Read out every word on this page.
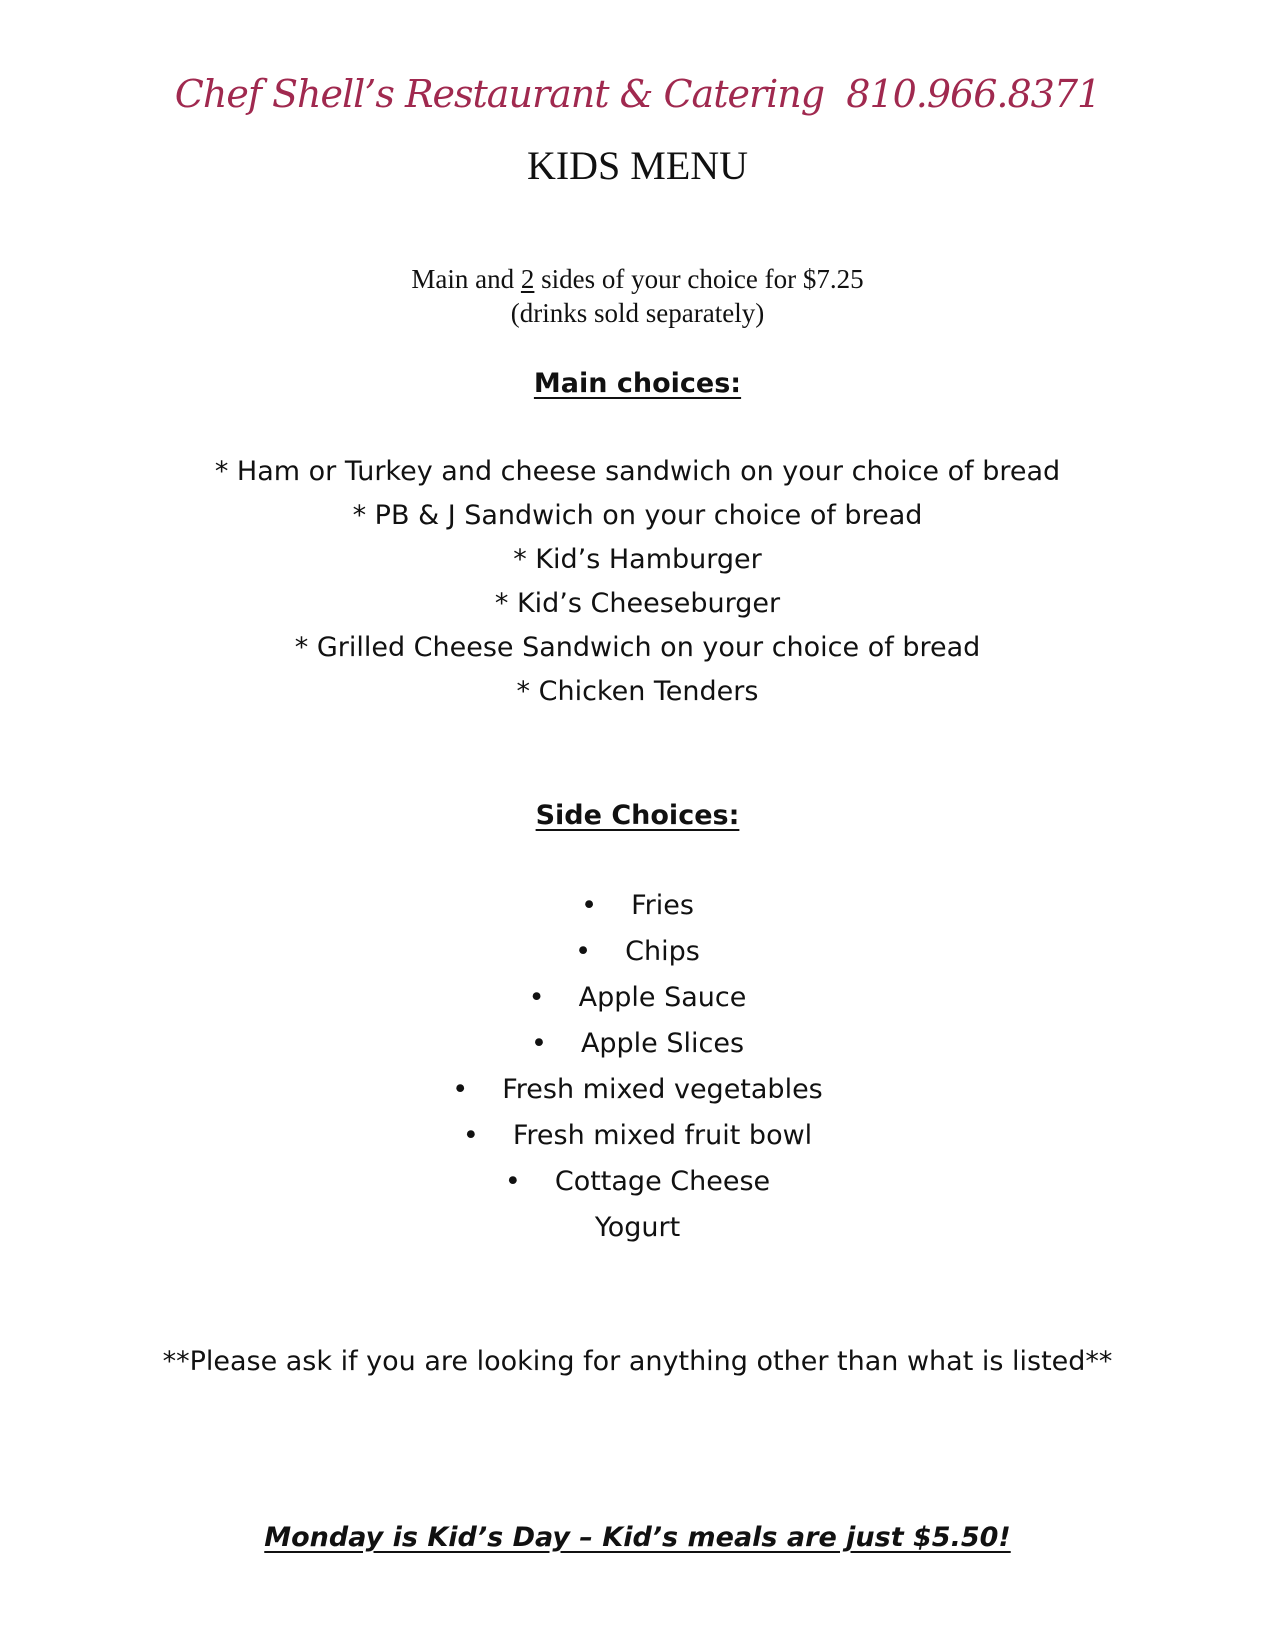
Chef Shell’s Restaurant & Catering 810.966.8371
KIDS MENU
Main and 2 sides of your choice for $7.25
(drinks sold separately)
Main choices:
* Ham or Turkey and cheese sandwich on your choice of bread
* PB & J Sandwich on your choice of bread
* Kid’s Hamburger
* Kid’s Cheeseburger
* Grilled Cheese Sandwich on your choice of bread
* Chicken Tenders
Side Choices:
• Fries
• Chips
• Apple Sauce
• Apple Slices
• Fresh mixed vegetables
• Fresh mixed fruit bowl
• Cottage Cheese
Yogurt
**Please ask if you are looking for anything other than what is listed**
Monday is Kid’s Day – Kid’s meals are just $5.50!
